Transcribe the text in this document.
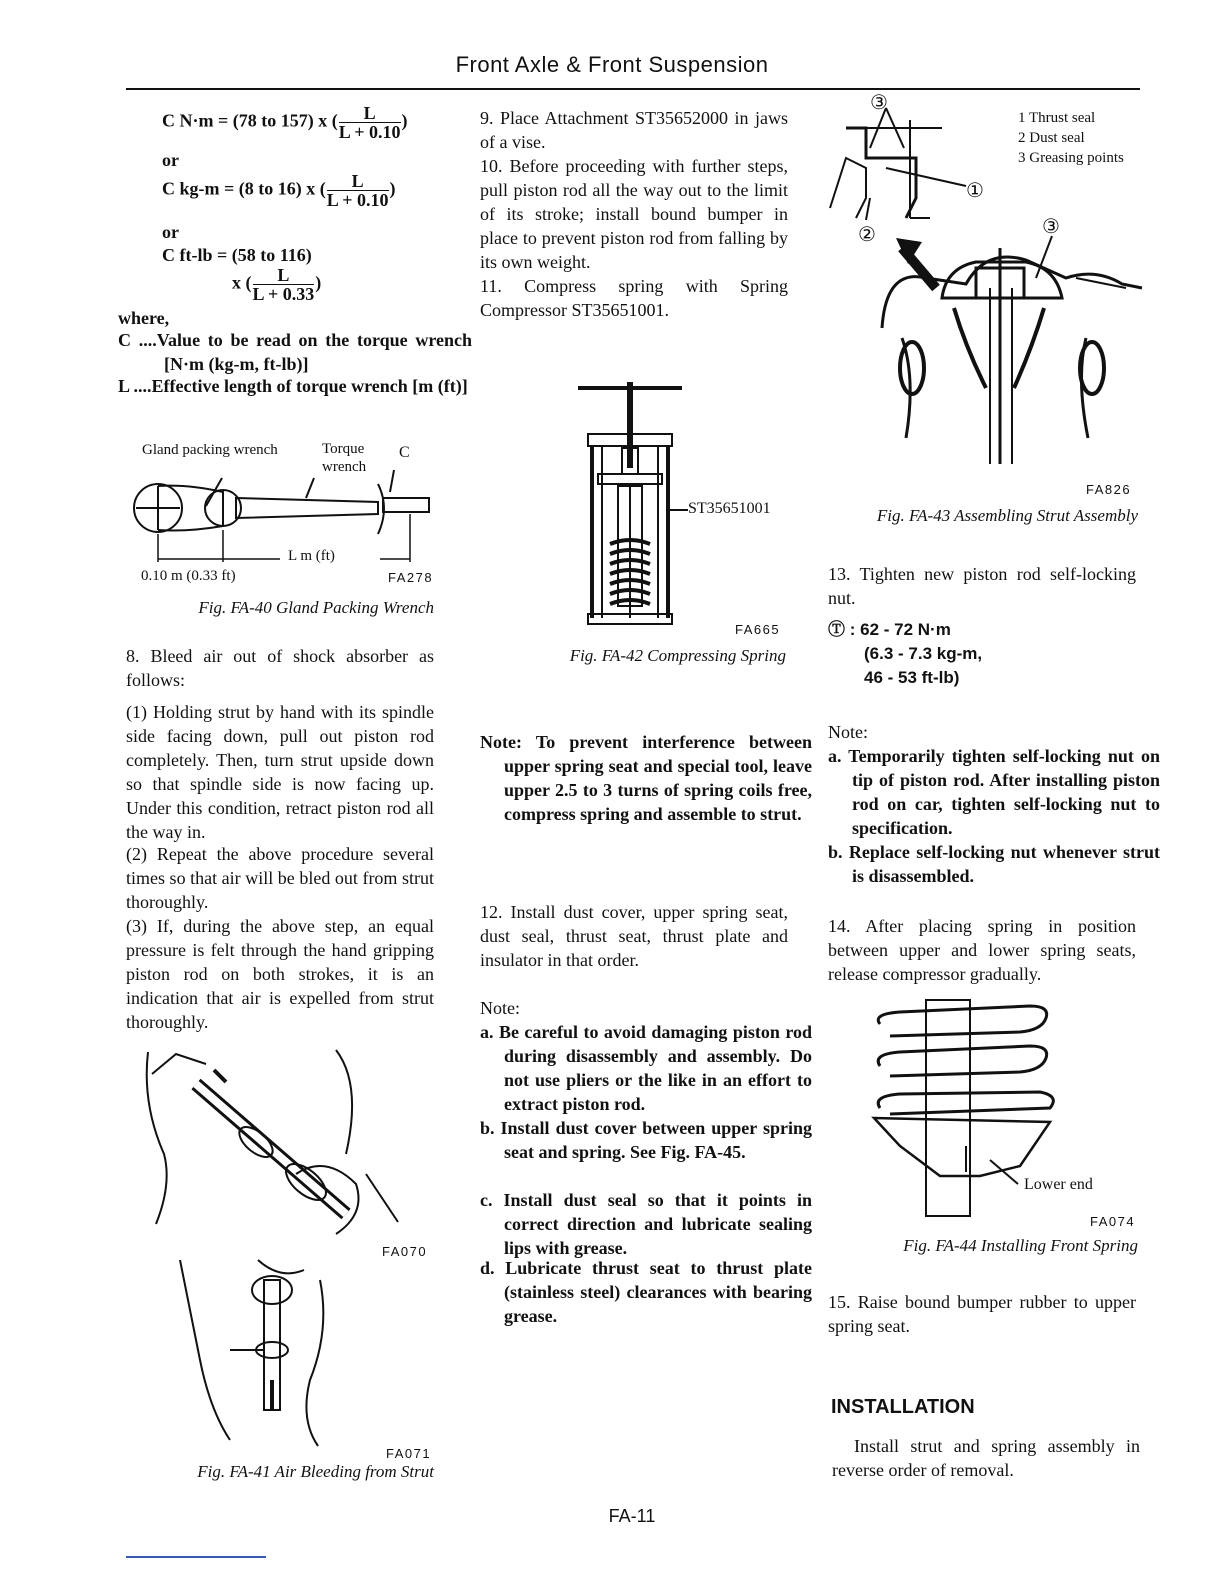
Front Axle & Front Suspension
C N·m = (78 to 157) x ( $\frac{L}{L + 0.10}$ )
or
C kg-m = (8 to 16) x ( $\frac{L}{L + 0.10}$ )
or
C ft-lb = (58 to 116)
x ( $\frac{L}{L + 0.33}$ )
where,
C ....Value to be read on the torque wrench [N·m (kg-m, ft-lb)]
L ....Effective length of torque wrench [m (ft)]
Gland packing wrench	Torque wrench
C
L m (ft)
0.10 m (0.33 ft)	FA278
Fig. FA-40 Gland Packing Wrench
8. Bleed air out of shock absorber as follows:
(1) Holding strut by hand with its spindle side facing down, pull out piston rod completely. Then, turn strut upside down so that spindle side is now facing up. Under this condition, retract piston rod all the way in.
(2) Repeat the above procedure several times so that air will be bled out from strut thoroughly.
(3) If, during the above step, an equal pressure is felt through the hand gripping piston rod on both strokes, it is an indication that air is expelled from strut thoroughly.
FA070
FA071
Fig. FA-41 Air Bleeding from Strut
9. Place Attachment ST35652000 in jaws of a vise.
10. Before proceeding with further steps, pull piston rod all the way out to the limit of its stroke; install bound bumper in place to prevent piston rod from falling by its own weight.
11. Compress spring with Spring Compressor ST35651001.
ST35651001
FA665
Fig. FA-42 Compressing Spring
Note: To prevent interference between upper spring seat and special tool, leave upper 2.5 to 3 turns of spring coils free, compress spring and assemble to strut.
12. Install dust cover, upper spring seat, dust seal, thrust seat, thrust plate and insulator in that order.
Note:
a. Be careful to avoid damaging piston rod during disassembly and assembly. Do not use pliers or the like in an effort to extract piston rod.
b. Install dust cover between upper spring seat and spring. See Fig. FA-45.
c. Install dust seal so that it points in correct direction and lubricate sealing lips with grease.
d. Lubricate thrust seat to thrust plate (stainless steel) clearances with bearing grease.
③
①
②	③
1 Thrust seal
2 Dust seal
3 Greasing points
FA826
Fig. FA-43 Assembling Strut Assembly
13. Tighten new piston rod self-locking nut.
Ⓣ : 62 - 72 N·m
(6.3 - 7.3 kg-m,
46 - 53 ft-lb)
Note:
a. Temporarily tighten self-locking nut on tip of piston rod. After installing piston rod on car, tighten self-locking nut to specification.
b. Replace self-locking nut whenever strut is disassembled.
14. After placing spring in position between upper and lower spring seats, release compressor gradually.
Lower end
FA074
Fig. FA-44 Installing Front Spring
15. Raise bound bumper rubber to upper spring seat.
INSTALLATION
Install strut and spring assembly in reverse order of removal.
FA-11
